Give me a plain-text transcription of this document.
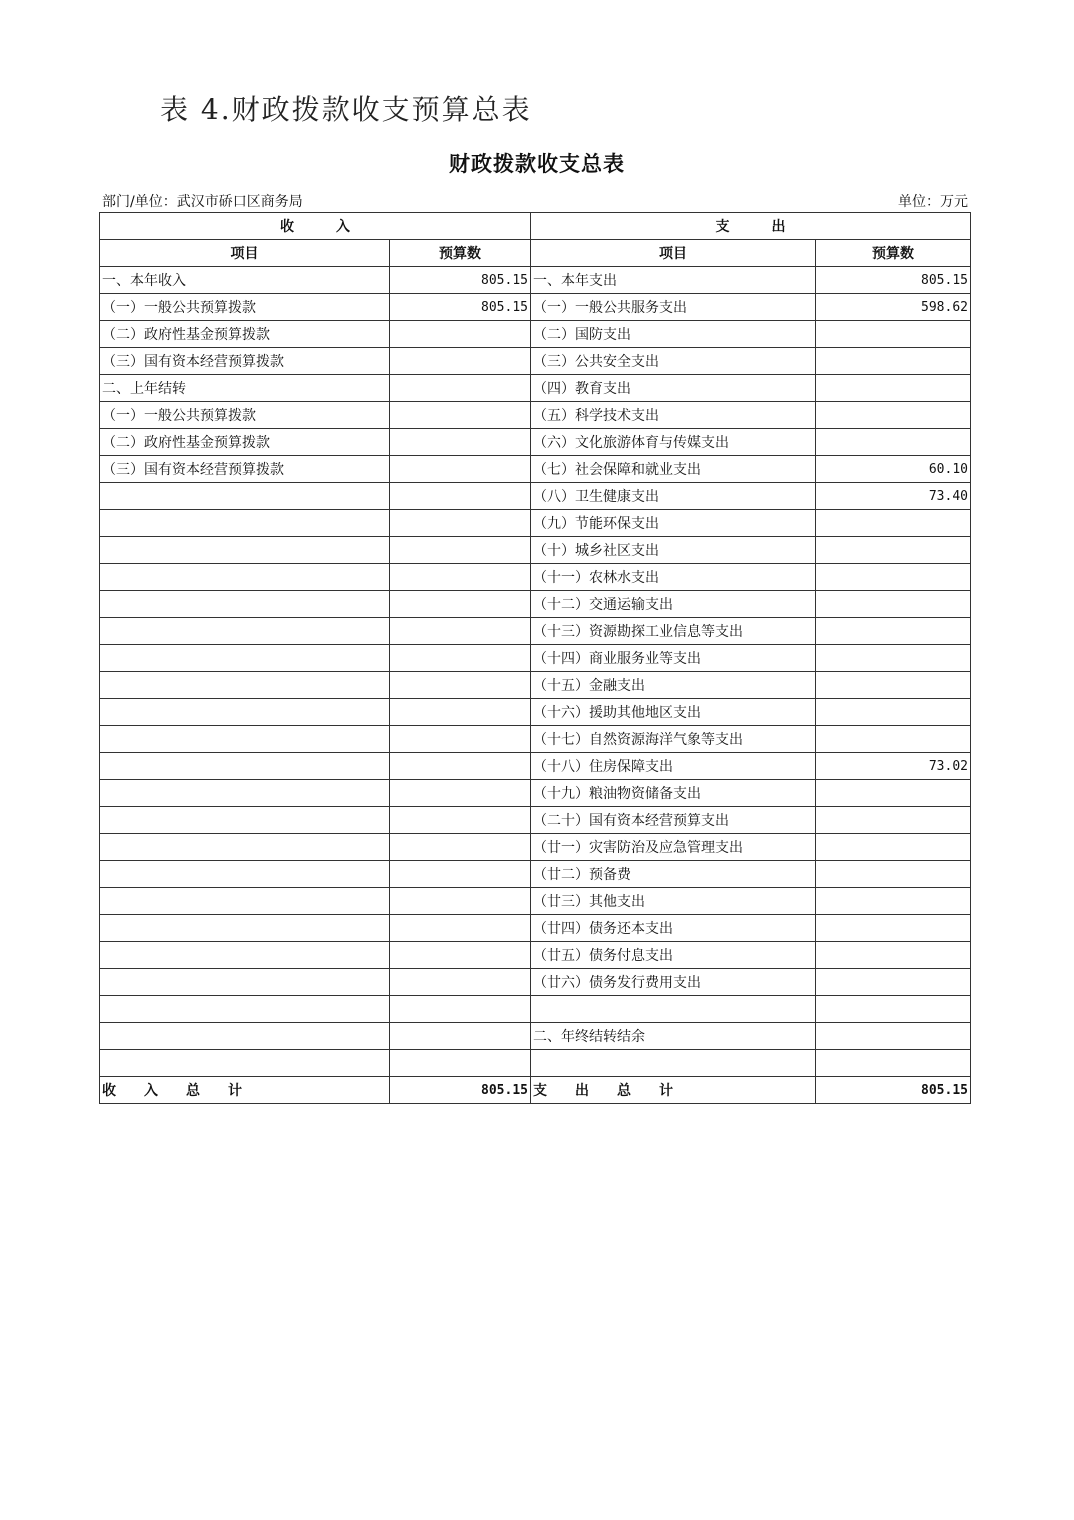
表 4.财政拨款收支预算总表
财政拨款收支总表
部门/单位：武汉市硚口区商务局	单位：万元
收　　　入		支　　　出	
项目	预算数	项目	预算数
一、本年收入	805.15	一、本年支出	805.15
（一）一般公共预算拨款	805.15	（一）一般公共服务支出	598.62
（二）政府性基金预算拨款		（二）国防支出	
（三）国有资本经营预算拨款		（三）公共安全支出	
二、上年结转		（四）教育支出	
（一）一般公共预算拨款		（五）科学技术支出	
（二）政府性基金预算拨款		（六）文化旅游体育与传媒支出	
（三）国有资本经营预算拨款		（七）社会保障和就业支出	60.10
		（八）卫生健康支出	73.40
		（九）节能环保支出	
		（十）城乡社区支出	
		（十一）农林水支出	
		（十二）交通运输支出	
		（十三）资源勘探工业信息等支出	
		（十四）商业服务业等支出	
		（十五）金融支出	
		（十六）援助其他地区支出	
		（十七）自然资源海洋气象等支出	
		（十八）住房保障支出	73.02
		（十九）粮油物资储备支出	
		（二十）国有资本经营预算支出	
		（廿一）灾害防治及应急管理支出	
		（廿二）预备费	
		（廿三）其他支出	
		（廿四）债务还本支出	
		（廿五）债务付息支出	
		（廿六）债务发行费用支出	

		二、年终结转结余	

收　　入　　总　　计	805.15	支　　出　　总　　计	805.15
